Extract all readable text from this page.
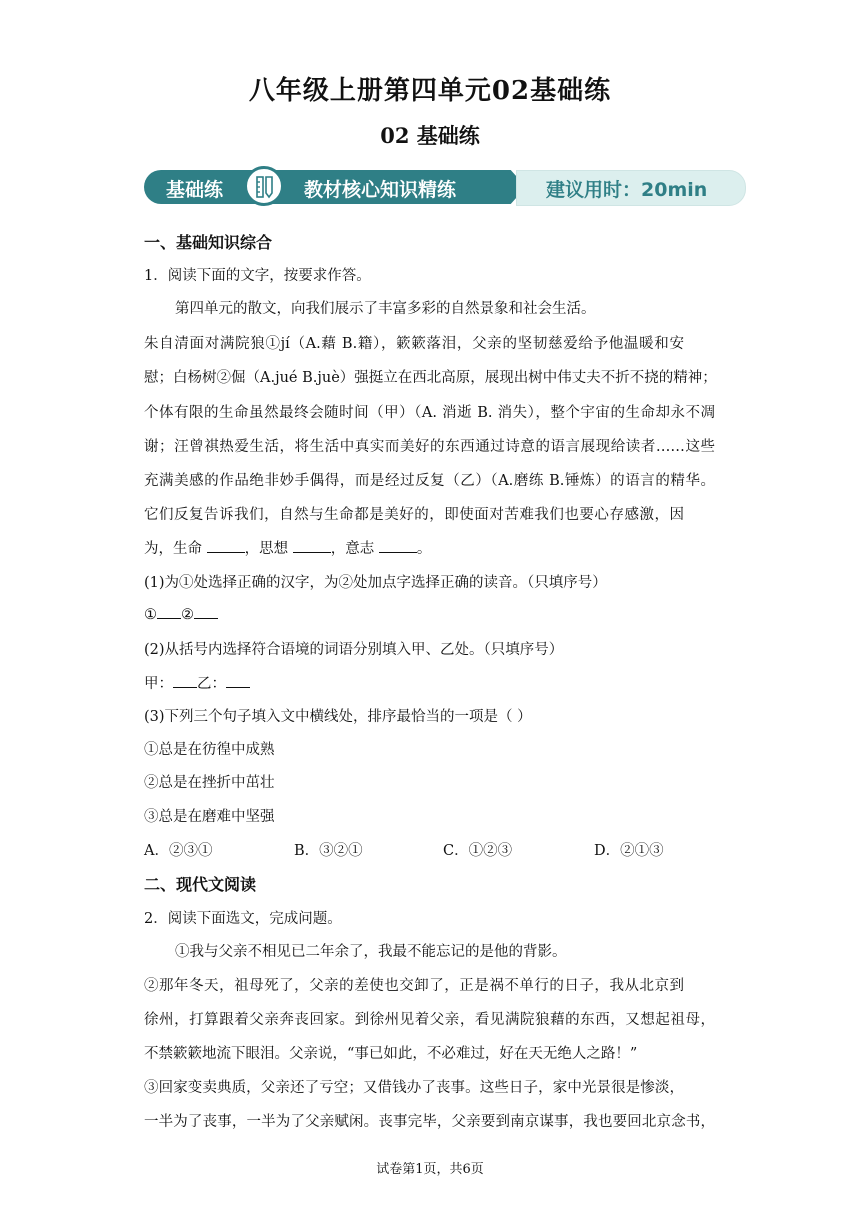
八年级上册第四单元02基础练
02 基础练
基础练	教材核心知识精练	建议用时：20min
一、基础知识综合
1．阅读下面的文字，按要求作答。
第四单元的散文，向我们展示了丰富多彩的自然景象和社会生活。
朱自清面对满院狼①jí（A.藉 B.籍），簌簌落泪，父亲的坚韧慈爱给予他温暖和安
慰；白杨树②倔（A.jué B.juè）强挺立在西北高原，展现出树中伟丈夫不折不挠的精神；
个体有限的生命虽然最终会随时间（甲）（A. 消逝 B. 消失），整个宇宙的生命却永不凋
谢；汪曾祺热爱生活，将生活中真实而美好的东西通过诗意的语言展现给读者……这些
充满美感的作品绝非妙手偶得，而是经过反复（乙）（A.磨练 B.锤炼）的语言的精华。
它们反复告诉我们，自然与生命都是美好的，即使面对苦难我们也要心存感激，因
为，生命	，思想	，意志	。
(1)为①处选择正确的汉字，为②处加点字选择正确的读音。（只填序号）
① ②
(2)从括号内选择符合语境的词语分别填入甲、乙处。（只填序号）
甲： 乙：
(3)下列三个句子填入文中横线处，排序最恰当的一项是（ ）
①总是在彷徨中成熟
②总是在挫折中茁壮
③总是在磨难中坚强
A．②③①	B．③②①	C．①②③	D．②①③
二、现代文阅读
2．阅读下面选文，完成问题。
①我与父亲不相见已二年余了，我最不能忘记的是他的背影。
②那年冬天，祖母死了，父亲的差使也交卸了，正是祸不单行的日子，我从北京到
徐州，打算跟着父亲奔丧回家。到徐州见着父亲，看见满院狼藉的东西，又想起祖母，
不禁簌簌地流下眼泪。父亲说，“事已如此，不必难过，好在天无绝人之路！”
③回家变卖典质，父亲还了亏空；又借钱办了丧事。这些日子，家中光景很是惨淡，
一半为了丧事，一半为了父亲赋闲。丧事完毕，父亲要到南京谋事，我也要回北京念书，
试卷第1页，共6页
